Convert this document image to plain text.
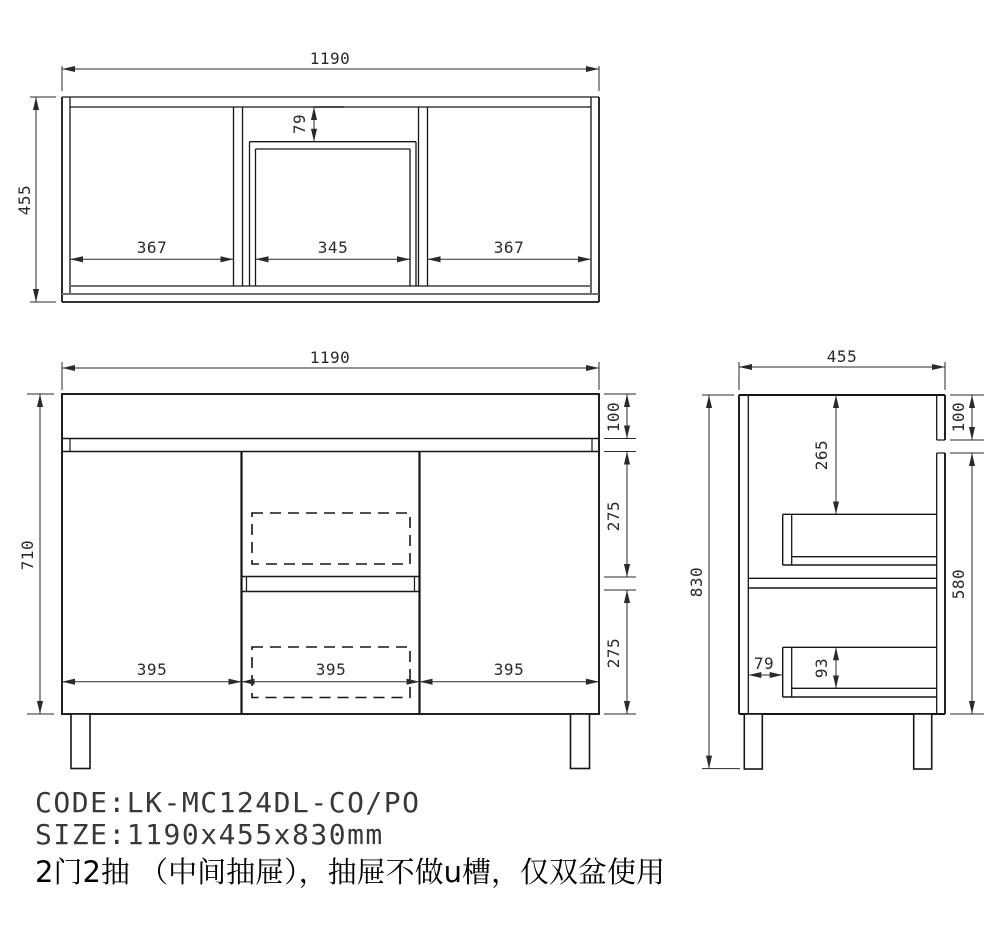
1190
455
79
367	345	367
1190
710
100
275
275
395	395	395
455
830
265
100
580
79 93
CODE:LK-MC124DL-CO/PO
SIZE:1190x455x830mm
2门2抽 （中间抽屉），抽屉不做u槽，仅双盆使用
